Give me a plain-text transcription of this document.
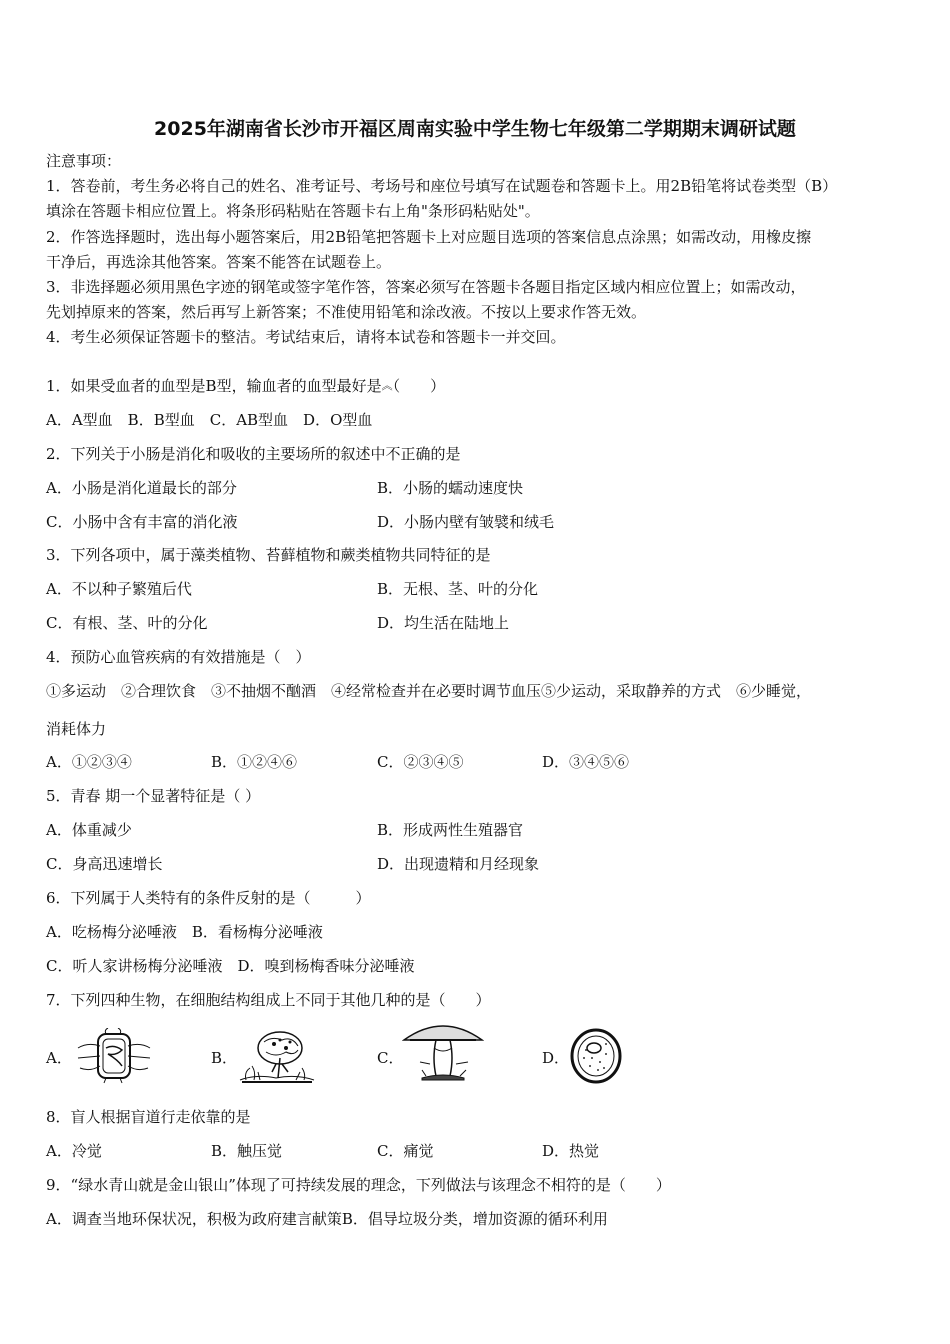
2025年湖南省长沙市开福区周南实验中学生物七年级第二学期期末调研试题
注意事项：
1．答卷前，考生务必将自己的姓名、准考证号、考场号和座位号填写在试题卷和答题卡上。用2B铅笔将试卷类型（B）
填涂在答题卡相应位置上。将条形码粘贴在答题卡右上角"条形码粘贴处"。
2．作答选择题时，选出每小题答案后，用2B铅笔把答题卡上对应题目选项的答案信息点涂黑；如需改动，用橡皮擦
干净后，再选涂其他答案。答案不能答在试题卷上。
3．非选择题必须用黑色字迹的钢笔或签字笔作答，答案必须写在答题卡各题目指定区域内相应位置上；如需改动，
先划掉原来的答案，然后再写上新答案；不准使用铅笔和涂改液。不按以上要求作答无效。
4．考生必须保证答题卡的整洁。考试结束后，请将本试卷和答题卡一并交回。
1．如果受血者的血型是B型，输血者的血型最好是︽（　　）
A．A型血　B．B型血　C．AB型血　D．O型血
2．下列关于小肠是消化和吸收的主要场所的叙述中不正确的是
A．小肠是消化道最长的部分	B．小肠的蠕动速度快
C．小肠中含有丰富的消化液	D．小肠内壁有皱襞和绒毛
3．下列各项中，属于藻类植物、苔藓植物和蕨类植物共同特征的是
A．不以种子繁殖后代	B．无根、茎、叶的分化
C．有根、茎、叶的分化	D．均生活在陆地上
4．预防心血管疾病的有效措施是（　）
①多运动　②合理饮食　③不抽烟不酗酒　④经常检查并在必要时调节血压⑤少运动，采取静养的方式　⑥少睡觉，
消耗体力
A．①②③④	B．①②④⑥	C．②③④⑤	D．③④⑤⑥
5．青春 期一个显著特征是（ ）
A．体重减少	B．形成两性生殖器官
C．身高迅速增长	D．出现遗精和月经现象
6．下列属于人类特有的条件反射的是（　　　）
A．吃杨梅分泌唾液　B．看杨梅分泌唾液
C．听人家讲杨梅分泌唾液　D．嗅到杨梅香味分泌唾液
7．下列四种生物，在细胞结构组成上不同于其他几种的是（　　）
A．	B．	C．	D．
8．盲人根据盲道行走依靠的是
A．冷觉	B．触压觉	C．痛觉	D．热觉
9．“绿水青山就是金山银山”体现了可持续发展的理念，下列做法与该理念不相符的是（　　）
A．调查当地环保状况，积极为政府建言献策B．倡导垃圾分类，增加资源的循环利用
